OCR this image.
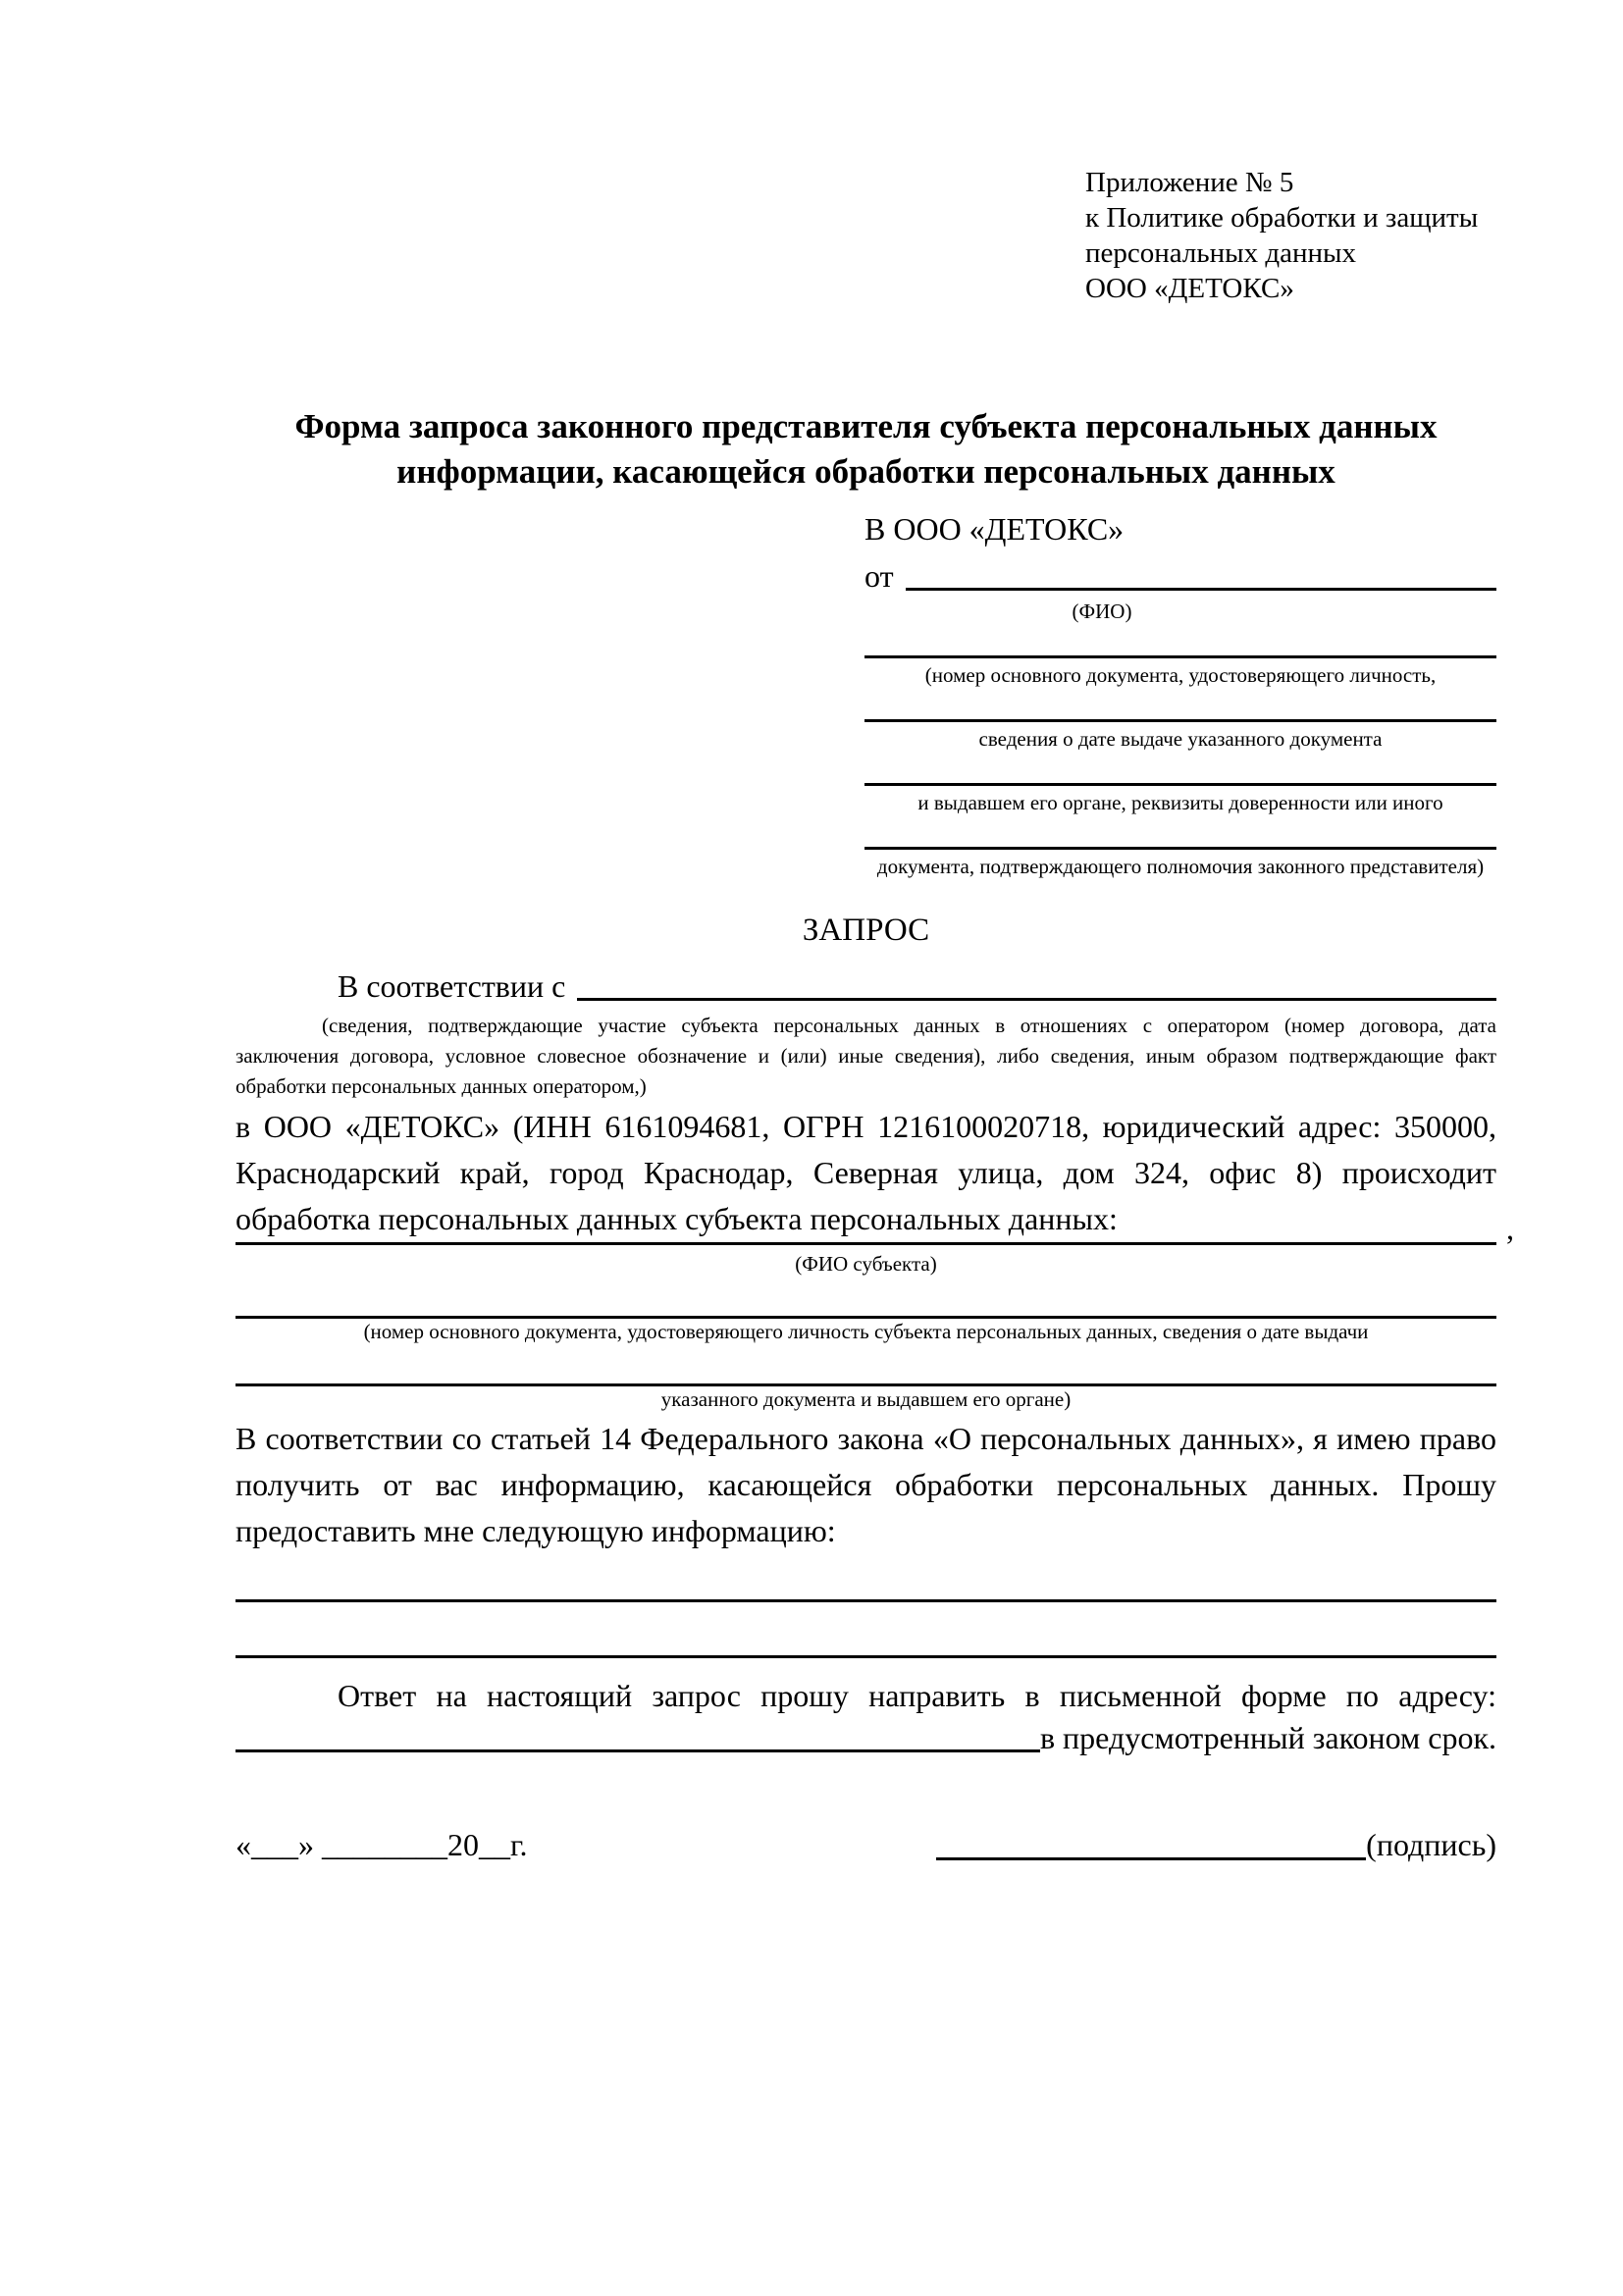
Приложение № 5
к Политике обработки и защиты
персональных данных
ООО «ДЕТОКС»
Форма запроса законного представителя субъекта персональных данных
информации, касающейся обработки персональных данных
В ООО «ДЕТОКС»
от
(ФИО)
(номер основного документа, удостоверяющего личность,
сведения о дате выдаче указанного документа
и выдавшем его органе, реквизиты доверенности или иного
документа, подтверждающего полномочия законного представителя)
ЗАПРОС
В соответствии с
(сведения, подтверждающие участие субъекта персональных данных в отношениях с оператором (номер договора, дата
заключения договора, условное словесное обозначение и (или) иные сведения), либо сведения, иным образом подтверждающие факт
обработки персональных данных оператором,)

в ООО «ДЕТОКС» (ИНН 6161094681, ОГРН 1216100020718, юридический адрес: 350000, Краснодарский край, город Краснодар, Северная улица, дом 324, офис 8) происходит обработка персональных данных субъекта персональных данных:	,
(ФИО субъекта)
(номер основного документа, удостоверяющего личность субъекта персональных данных, сведения о дате выдачи
указанного документа и выдавшем его органе)

В соответствии со статьей 14 Федерального закона «О персональных данных», я имею право получить от вас информацию, касающейся обработки персональных данных. Прошу предоставить мне следующую информацию:

Ответ на настоящий запрос прошу направить в письменной форме по адресу:

в предусмотренный законом срок.
«___» ________20__г.	(подпись)
